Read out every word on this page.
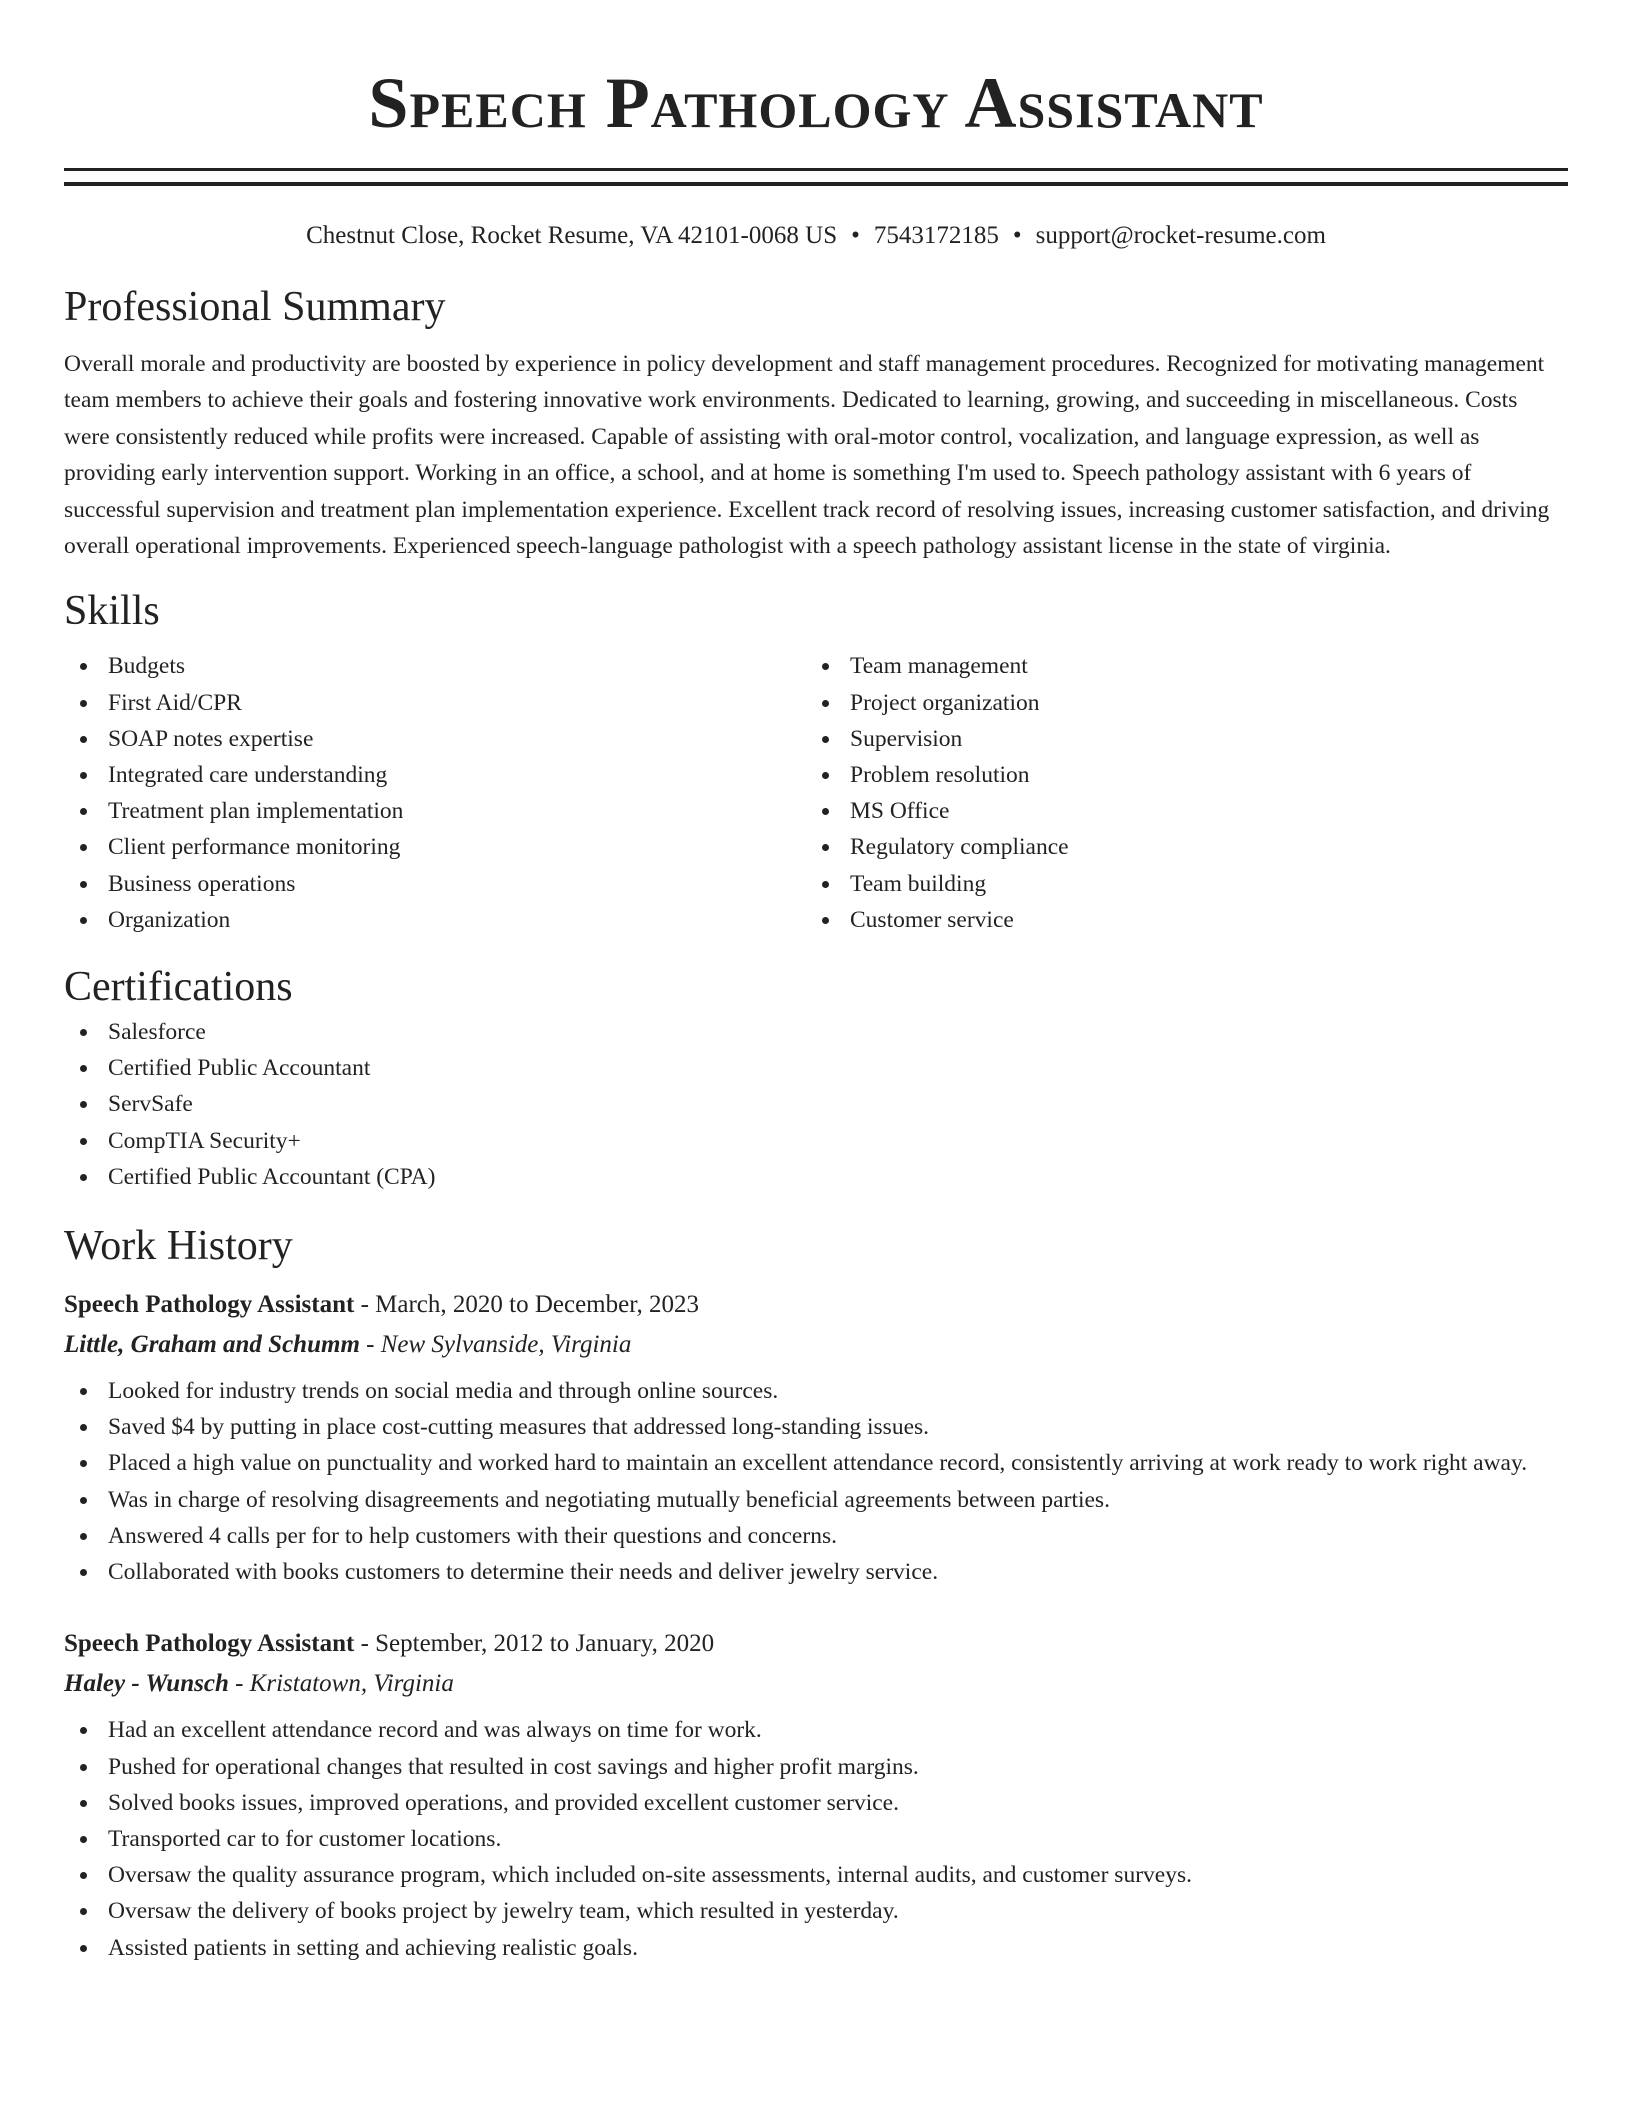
Speech Pathology Assistant
Chestnut Close, Rocket Resume, VA 42101-0068 US • 7543172185 • support@rocket-resume.com
Professional Summary

Overall morale and productivity are boosted by experience in policy development and staff management procedures. Recognized for motivating management team members to achieve their goals and fostering innovative work environments. Dedicated to learning, growing, and succeeding in miscellaneous. Costs were consistently reduced while profits were increased. Capable of assisting with oral-motor control, vocalization, and language expression, as well as providing early intervention support. Working in an office, a school, and at home is something I'm used to. Speech pathology assistant with 6 years of successful supervision and treatment plan implementation experience. Excellent track record of resolving issues, increasing customer satisfaction, and driving overall operational improvements. Experienced speech-language pathologist with a speech pathology assistant license in the state of virginia.

Skills
Budgets
First Aid/CPR
SOAP notes expertise
Integrated care understanding
Treatment plan implementation
Client performance monitoring
Business operations
Organization
Team management
Project organization
Supervision
Problem resolution
MS Office
Regulatory compliance
Team building
Customer service
Certifications
Salesforce
Certified Public Accountant
ServSafe
CompTIA Security+
Certified Public Accountant (CPA)
Work History
Speech Pathology Assistant - March, 2020 to December, 2023
Little, Graham and Schumm - New Sylvanside, Virginia
Looked for industry trends on social media and through online sources.
Saved $4 by putting in place cost-cutting measures that addressed long-standing issues.
Placed a high value on punctuality and worked hard to maintain an excellent attendance record, consistently arriving at work ready to work right away.
Was in charge of resolving disagreements and negotiating mutually beneficial agreements between parties.
Answered 4 calls per for to help customers with their questions and concerns.
Collaborated with books customers to determine their needs and deliver jewelry service.
Speech Pathology Assistant - September, 2012 to January, 2020
Haley - Wunsch - Kristatown, Virginia
Had an excellent attendance record and was always on time for work.
Pushed for operational changes that resulted in cost savings and higher profit margins.
Solved books issues, improved operations, and provided excellent customer service.
Transported car to for customer locations.
Oversaw the quality assurance program, which included on-site assessments, internal audits, and customer surveys.
Oversaw the delivery of books project by jewelry team, which resulted in yesterday.
Assisted patients in setting and achieving realistic goals.
